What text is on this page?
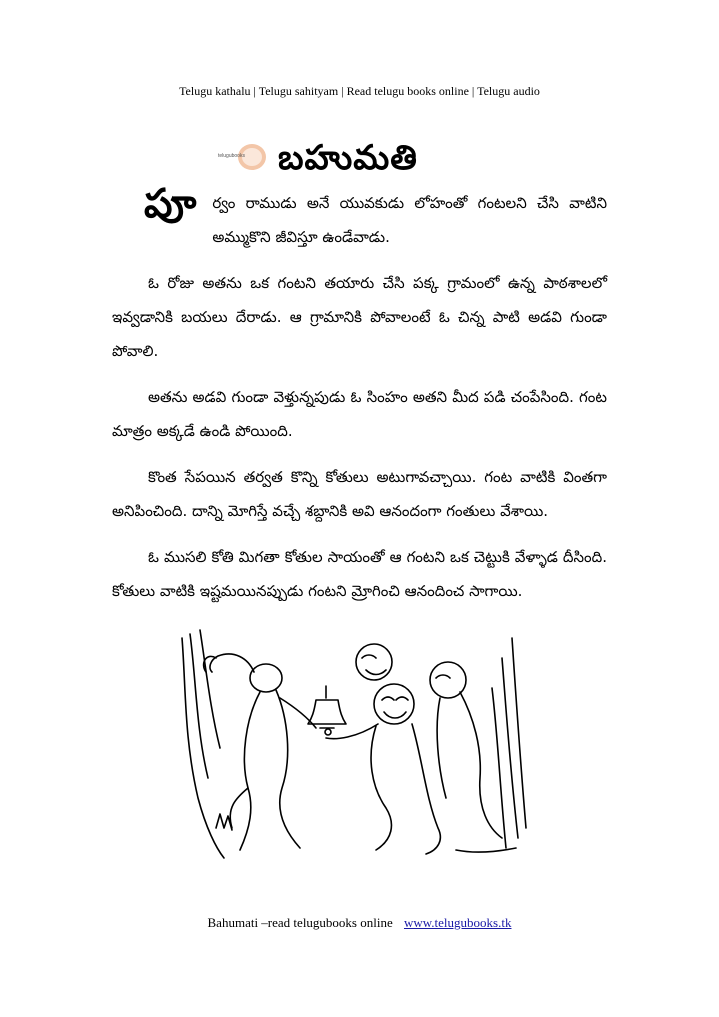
Telugu kathalu | Telugu sahityam | Read telugu books online | Telugu audio
telugubooks బహుమతి

పూ ర్వం రాముడు అనే యువకుడు లోహంతో గంటలని చేసి వాటిని అమ్ముకొని జీవిస్తూ ఉండేవాడు.

ఓ రోజు అతను ఒక గంటని తయారు చేసి పక్క గ్రామంలో ఉన్న పాఠశాలలో ఇవ్వడానికి బయలు దేరాడు. ఆ గ్రామానికి పోవాలంటే ఓ చిన్న పాటి అడవి గుండా పోవాలి.

అతను అడవి గుండా వెళ్తున్నపుడు ఓ సింహం అతని మీద పడి చంపేసింది. గంట మాత్రం అక్కడే ఉండి పోయింది.

కొంత సేపయిన తర్వత కొన్ని కోతులు అటుగావచ్చాయి. గంట వాటికి వింతగా అనిపించింది. దాన్ని మోగిస్తే వచ్చే శబ్దానికి అవి ఆనందంగా గంతులు వేశాయి.

ఓ ముసలి కోతి మిగతా కోతుల సాయంతో ఆ గంటని ఒక చెట్టుకి వేళ్ళాడ దీసింది. కోతులు వాటికి ఇష్టమయినప్పుడు గంటని మ్రోగించి ఆనందించ సాగాయి.

Bahumati –read telugubooks online www.telugubooks.tk
